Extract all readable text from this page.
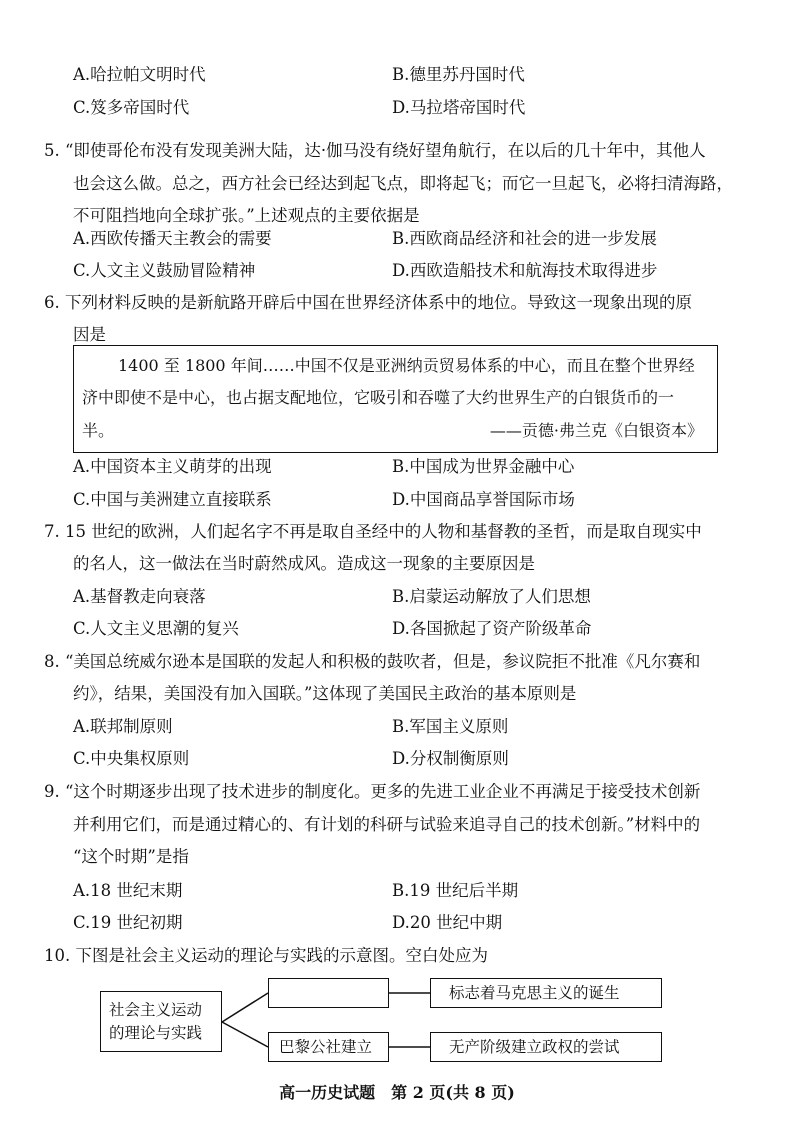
A.哈拉帕文明时代	B.德里苏丹国时代
C.笈多帝国时代	D.马拉塔帝国时代
5. “即使哥伦布没有发现美洲大陆，达·伽马没有绕好望角航行，在以后的几十年中，其他人
也会这么做。总之，西方社会已经达到起飞点，即将起飞；而它一旦起飞，必将扫清海路，
不可阻挡地向全球扩张。”上述观点的主要依据是
A.西欧传播天主教会的需要	B.西欧商品经济和社会的进一步发展
C.人文主义鼓励冒险精神	D.西欧造船技术和航海技术取得进步
6. 下列材料反映的是新航路开辟后中国在世界经济体系中的地位。导致这一现象出现的原
因是
1400 至 1800 年间……中国不仅是亚洲纳贡贸易体系的中心，而且在整个世界经
济中即使不是中心，也占据支配地位，它吸引和吞噬了大约世界生产的白银货币的一
半。	——贡德·弗兰克《白银资本》
A.中国资本主义萌芽的出现	B.中国成为世界金融中心
C.中国与美洲建立直接联系	D.中国商品享誉国际市场
7. 15 世纪的欧洲，人们起名字不再是取自圣经中的人物和基督教的圣哲，而是取自现实中
的名人，这一做法在当时蔚然成风。造成这一现象的主要原因是
A.基督教走向衰落	B.启蒙运动解放了人们思想
C.人文主义思潮的复兴	D.各国掀起了资产阶级革命
8. “美国总统威尔逊本是国联的发起人和积极的鼓吹者，但是，参议院拒不批准《凡尔赛和
约》，结果，美国没有加入国联。”这体现了美国民主政治的基本原则是
A.联邦制原则	B.军国主义原则
C.中央集权原则	D.分权制衡原则
9. “这个时期逐步出现了技术进步的制度化。更多的先进工业企业不再满足于接受技术创新
并利用它们，而是通过精心的、有计划的科研与试验来追寻自己的技术创新。”材料中的
“这个时期”是指
A.18 世纪末期	B.19 世纪后半期
C.19 世纪初期	D.20 世纪中期
10. 下图是社会主义运动的理论与实践的示意图。空白处应为
社会主义运动
的理论与实践
标志着马克思主义的诞生
巴黎公社建立	无产阶级建立政权的尝试
高一历史试题　第 2 页(共 8 页)
